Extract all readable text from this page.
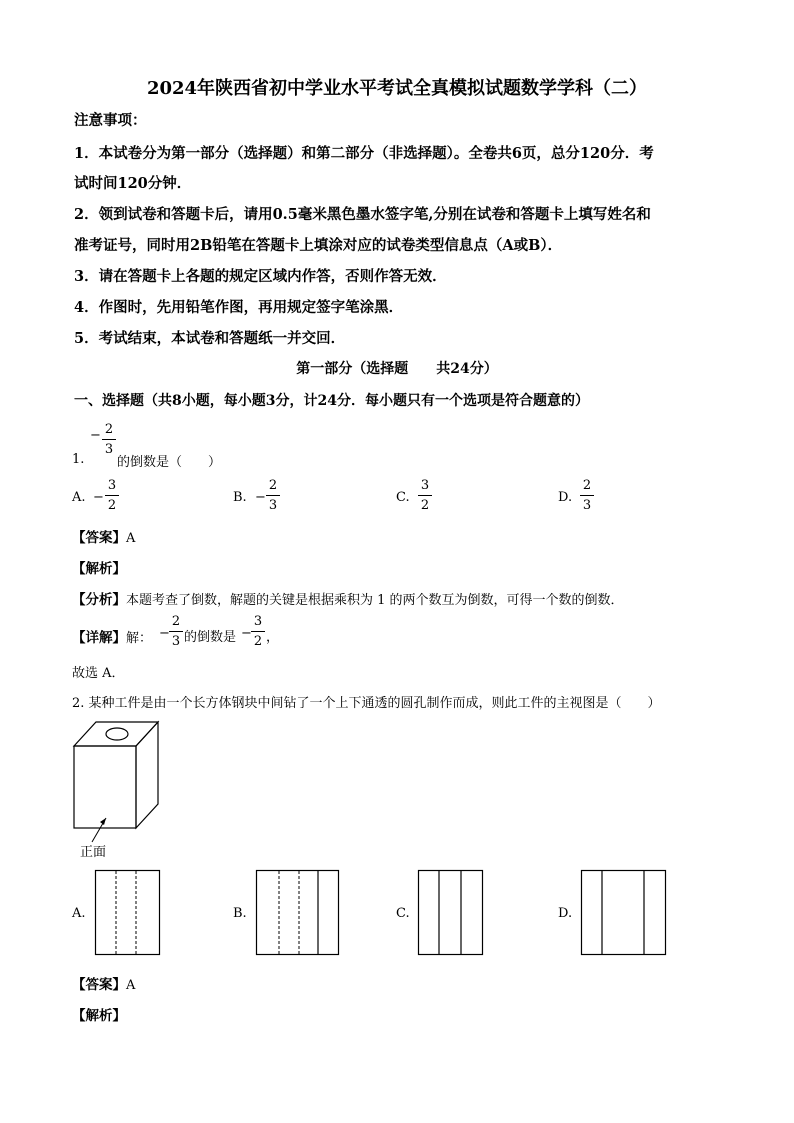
2024年陕西省初中学业水平考试全真模拟试题数学学科（二）
注意事项：
1．本试卷分为第一部分（选择题）和第二部分（非选择题）。全卷共6页，总分120分．考
试时间120分钟．
2．领到试卷和答题卡后，请用0.5毫米黑色墨水签字笔,分别在试卷和答题卡上填写姓名和
准考证号，同时用2B铅笔在答题卡上填涂对应的试卷类型信息点（A或B）．
3．请在答题卡上各题的规定区域内作答，否则作答无效．
4．作图时，先用铅笔作图，再用规定签字笔涂黑．
5．考试结束，本试卷和答题纸一并交回．
第一部分（选择题　　共24分）
一、选择题（共8小题，每小题3分，计24分．每小题只有一个选项是符合题意的）
− 2
3
1.	的倒数是（　　）
A. −
3
2
B. −
2
3
C.
3
2
D.
2
3
【答案】A
【解析】
【分析】本题考查了倒数，解题的关键是根据乘积为 1 的两个数互为倒数，可得一个数的倒数．
【详解】解： −
2
3 的倒数是 −
3
2 ，
故选 A．
2. 某种工件是由一个长方体钢块中间钻了一个上下通透的圆孔制作而成，则此工件的主视图是（　　）
正面
A.	B.	C.	D.
【答案】A
【解析】
